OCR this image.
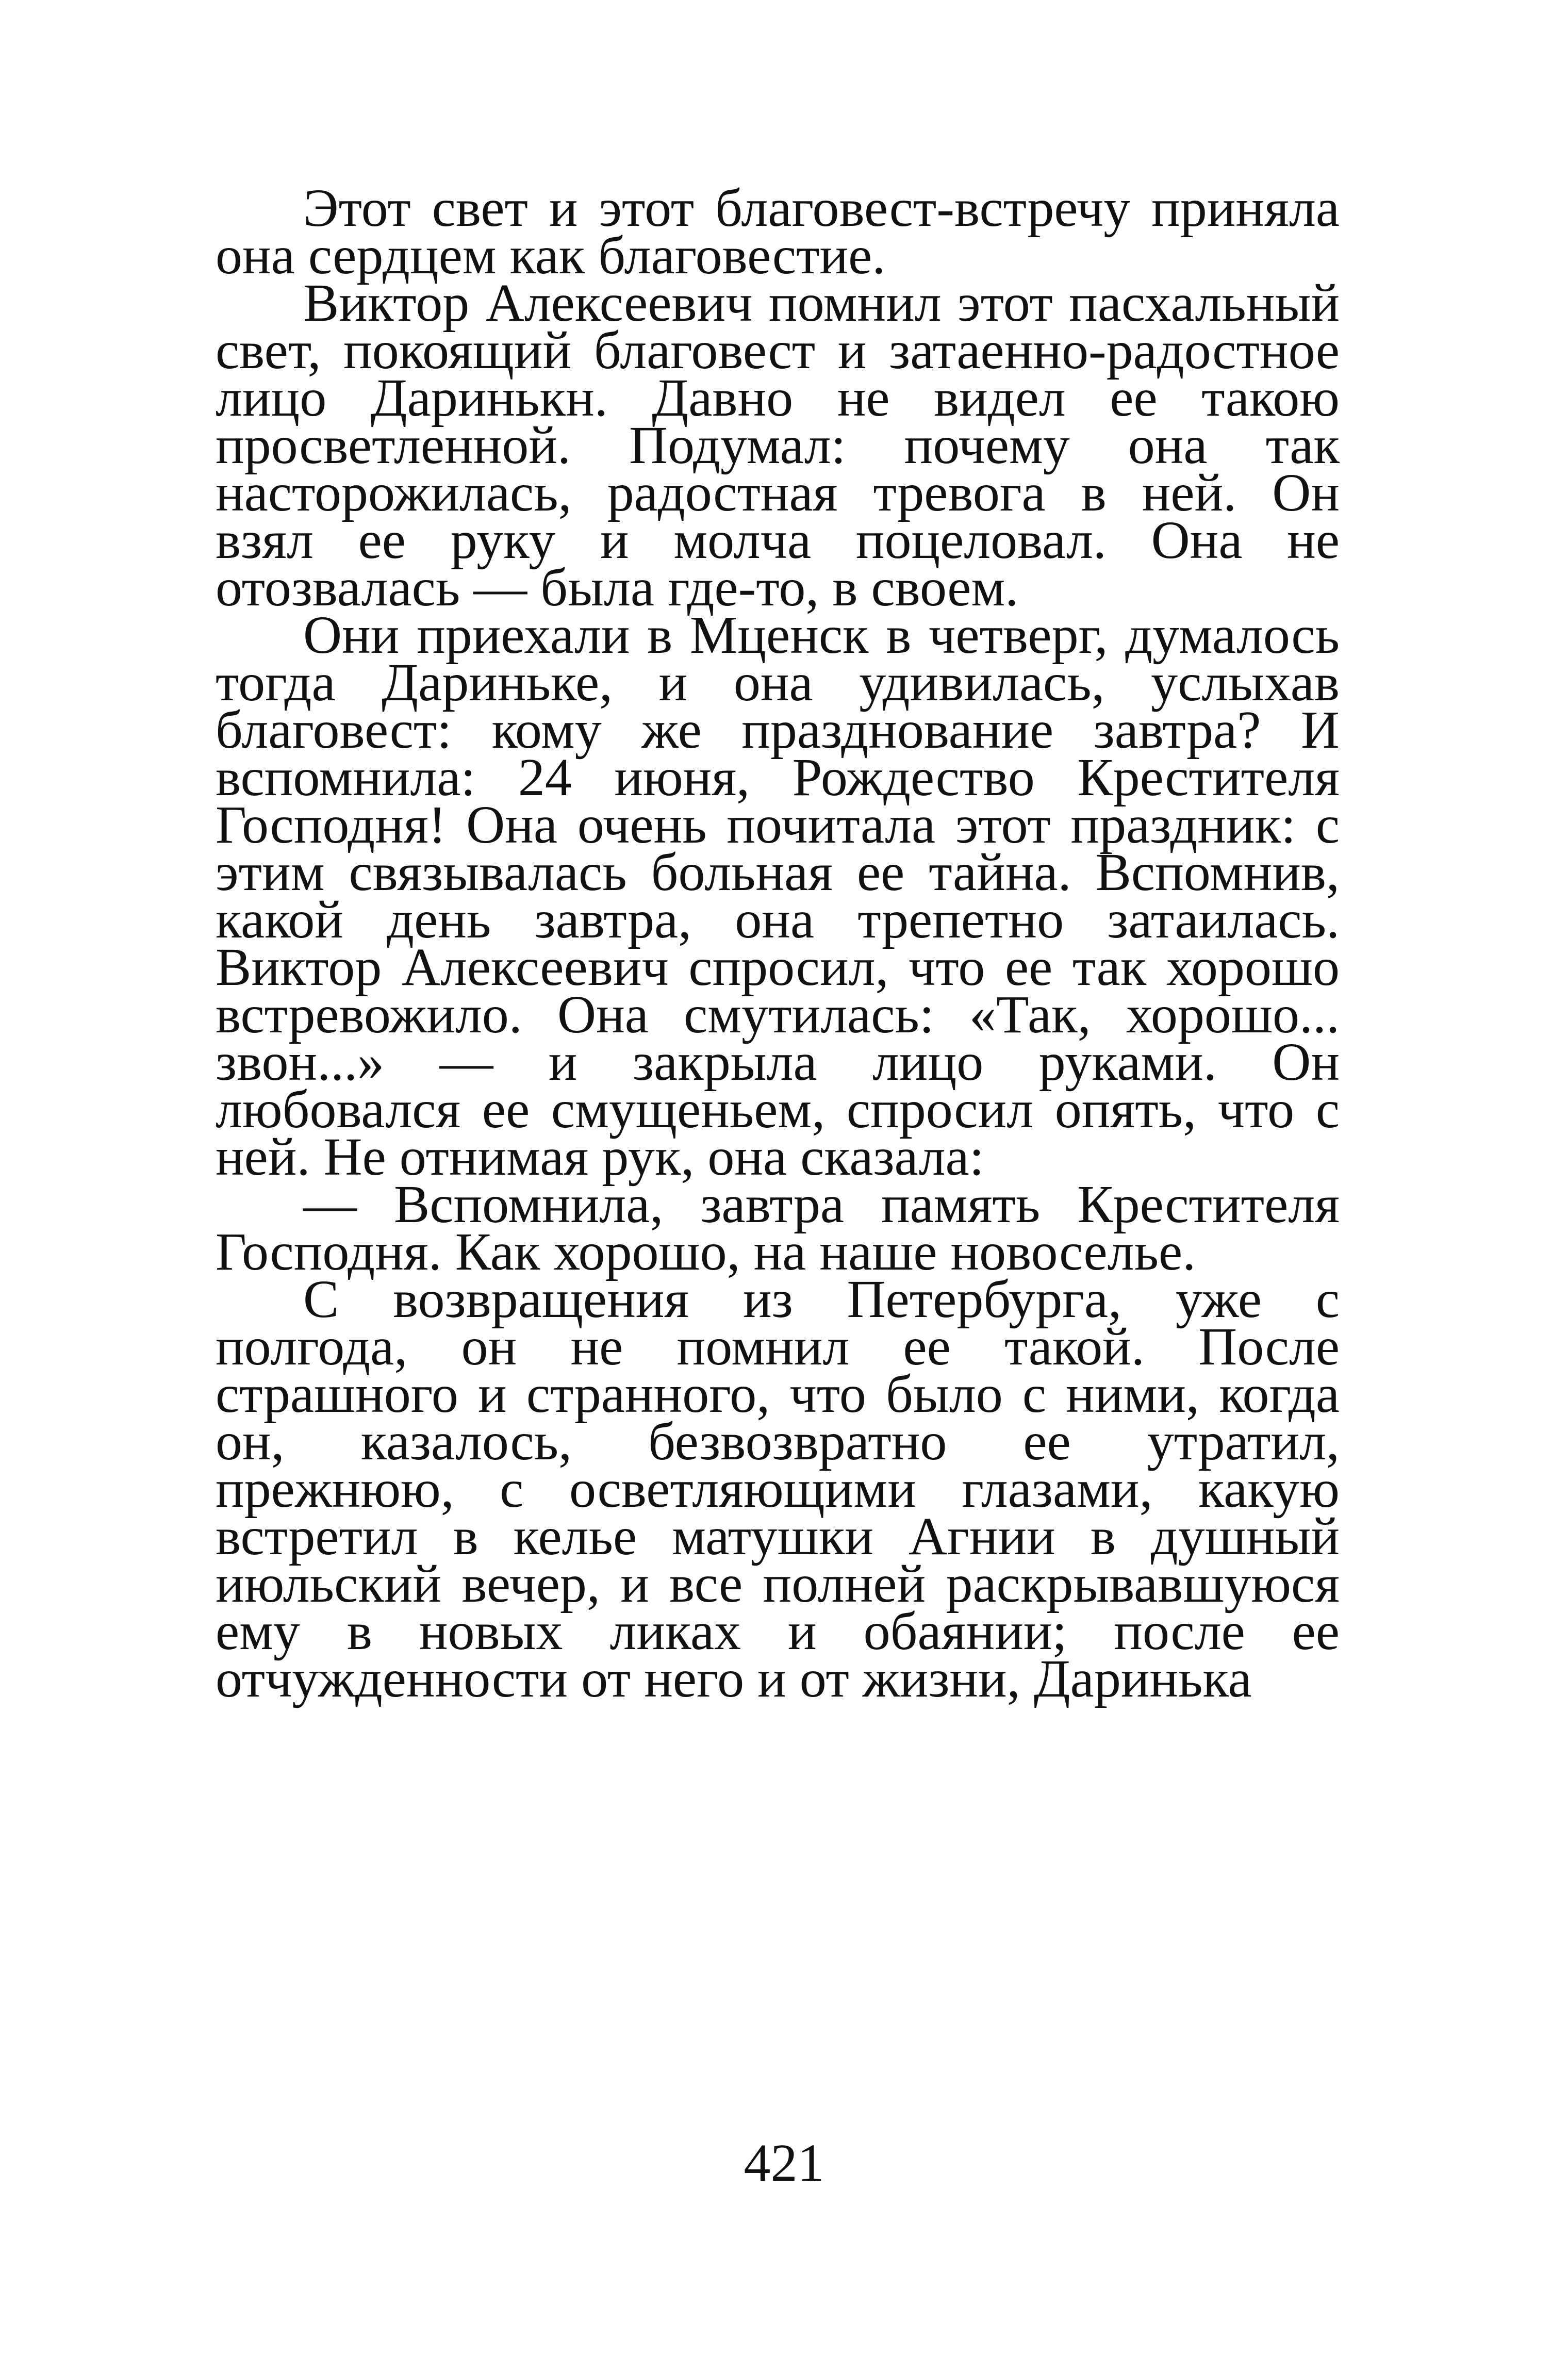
Этот свет и этот благовест-встречу приняла она сердцем как благовестие.

Виктор Алексеевич помнил этот пасхальный свет, покоящий благовест и затаенно-радостное лицо Даринькн. Давно не видел ее такою просветленной. Подумал: почему она так насторожилась, радостная тревога в ней. Он взял ее руку и молча поцеловал. Она не отозвалась — была где-то, в своем.

Они приехали в Мценск в четверг, думалось тогда Дариньке, и она удивилась, услыхав благовест: кому же празднование завтра? И вспомнила: 24 июня, Рождество Крестителя Господня! Она очень почитала этот праздник: с этим связывалась больная ее тайна. Вспомнив, какой день завтра, она трепетно затаилась. Виктор Алексеевич спросил, что ее так хорошо встревожило. Она смутилась: «Так, хорошо... звон...» — и закрыла лицо руками. Он любовался ее смущеньем, спросил опять, что с ней. Не отнимая рук, она сказала:

— Вспомнила, завтра память Крестителя Господня. Как хорошо, на наше новоселье.

С возвращения из Петербурга, уже с полгода, он не помнил ее такой. После страшного и странного, что было с ними, когда он, казалось, безвозвратно ее утратил, прежнюю, с осветляющими глазами, какую встретил в келье матушки Агнии в душный июльский вечер, и все полней раскрывавшуюся ему в новых ликах и обаянии; после ее отчужденности от него и от жизни, Даринька

421
